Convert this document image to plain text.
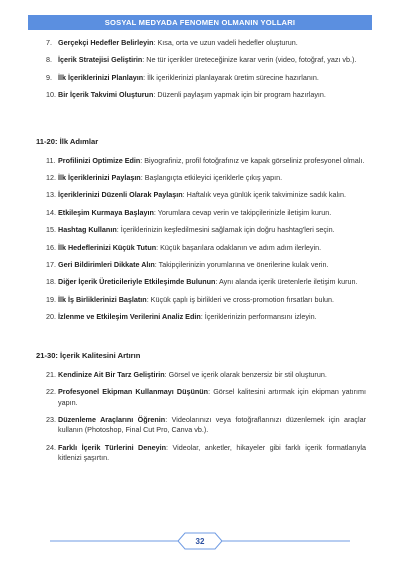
SOSYAL MEDYADA FENOMEN OLMANIN YOLLARI
7. Gerçekçi Hedefler Belirleyin: Kısa, orta ve uzun vadeli hedefler oluşturun.
8. İçerik Stratejisi Geliştirin: Ne tür içerikler üreteceğinize karar verin (video, fotoğraf, yazı vb.).
9. İlk İçeriklerinizi Planlayın: İlk içeriklerinizi planlayarak üretim sürecine hazırlanın.
10. Bir İçerik Takvimi Oluşturun: Düzenli paylaşım yapmak için bir program hazırlayın.
11-20: İlk Adımlar
11. Profilinizi Optimize Edin: Biyografiniz, profil fotoğrafınız ve kapak görseliniz profesyonel olmalı.
12. İlk İçeriklerinizi Paylaşın: Başlangıçta etkileyici içeriklerle çıkış yapın.
13. İçeriklerinizi Düzenli Olarak Paylaşın: Haftalık veya günlük içerik takviminize sadık kalın.
14. Etkileşim Kurmaya Başlayın: Yorumlara cevap verin ve takipçilerinizle iletişim kurun.
15. Hashtag Kullanın: İçeriklerinizin keşfedilmesini sağlamak için doğru hashtag'leri seçin.
16. İlk Hedeflerinizi Küçük Tutun: Küçük başarılara odaklanın ve adım adım ilerleyin.
17. Geri Bildirimleri Dikkate Alın: Takipçilerinizin yorumlarına ve önerilerine kulak verin.
18. Diğer İçerik Üreticileriyle Etkileşimde Bulunun: Aynı alanda içerik üretenlerle iletişim kurun.
19. İlk İş Birliklerinizi Başlatın: Küçük çaplı iş birlikleri ve cross-promotion fırsatları bulun.
20. İzlenme ve Etkileşim Verilerini Analiz Edin: İçeriklerinizin performansını izleyin.
21-30: İçerik Kalitesini Artırın
21. Kendinize Ait Bir Tarz Geliştirin: Görsel ve içerik olarak benzersiz bir stil oluşturun.
22. Profesyonel Ekipman Kullanmayı Düşünün: Görsel kalitesini artırmak için ekipman yatırımı yapın.
23. Düzenleme Araçlarını Öğrenin: Videolarınızı veya fotoğraflarınızı düzenlemek için araçlar kullanın (Photoshop, Final Cut Pro, Canva vb.).
24. Farklı İçerik Türlerini Deneyin: Videolar, anketler, hikayeler gibi farklı içerik formatlarıyla kitlenizi şaşırtın.
32
